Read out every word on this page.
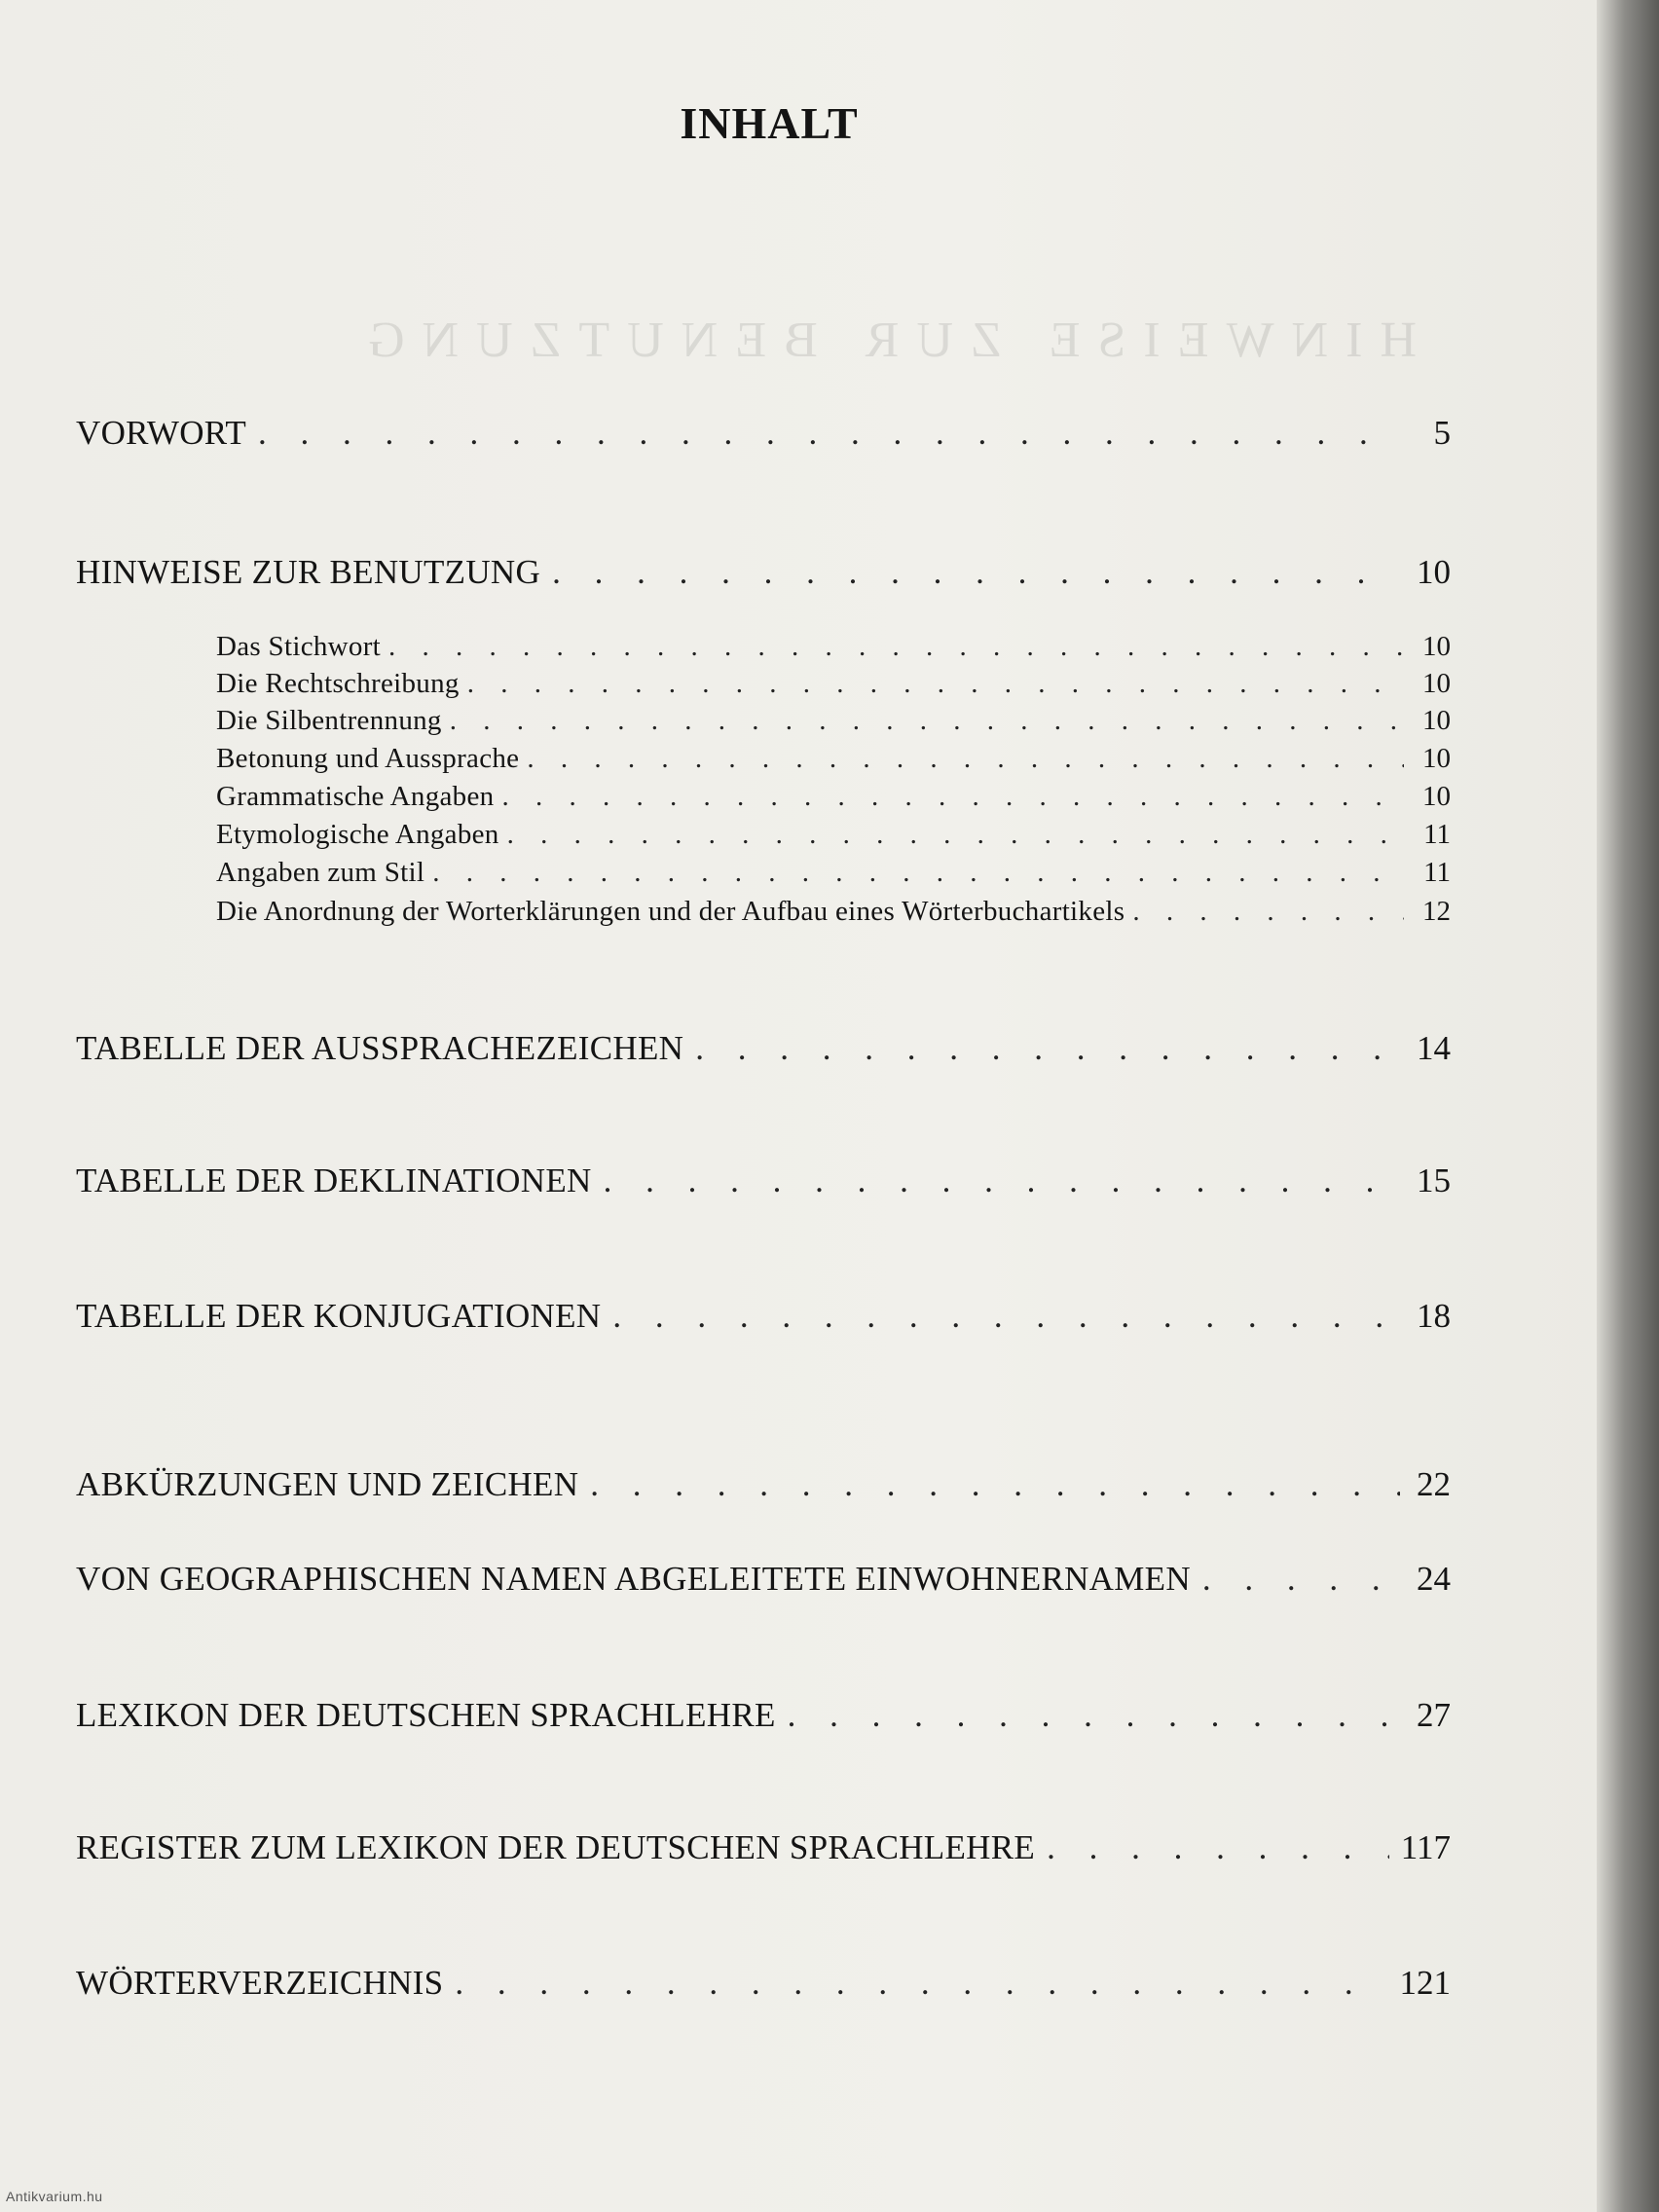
INHALT
VORWORT . . .	5
HINWEISE ZUR BENUTZUNG . . .	10
Das Stichwort . . .	10
Die Rechtschreibung . . .	10
Die Silbentrennung . . .	10
Betonung und Aussprache . . .	10
Grammatische Angaben . . .	10
Etymologische Angaben . . .	11
Angaben zum Stil . . .	11
Die Anordnung der Worterklärungen und der Aufbau eines Wörterbuchartikels . . .	12
TABELLE DER AUSSPRACHEZEICHEN . . .	14
TABELLE DER DEKLINATIONEN . . .	15
TABELLE DER KONJUGATIONEN . . .	18
ABKÜRZUNGEN UND ZEICHEN . . .	22
VON GEOGRAPHISCHEN NAMEN ABGELEITETE EINWOHNERNAMEN . . .	24
LEXIKON DER DEUTSCHEN SPRACHLEHRE . . .	27
REGISTER ZUM LEXIKON DER DEUTSCHEN SPRACHLEHRE . . .	117
WÖRTERVERZEICHNIS . . .	121
Antikvarium.hu
